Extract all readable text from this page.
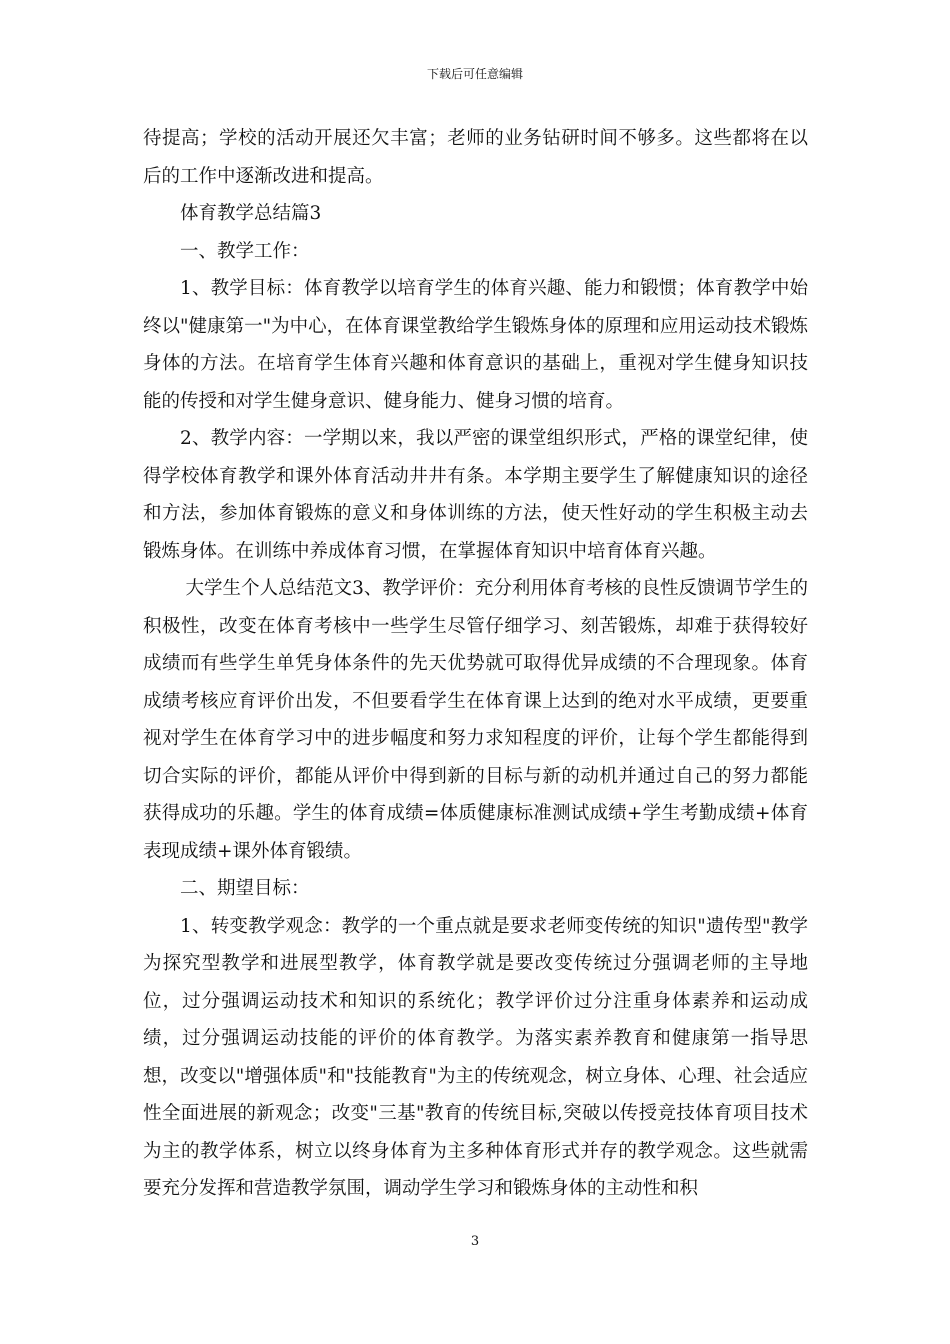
下载后可任意编辑

待提高；学校的活动开展还欠丰富；老师的业务钻研时间不够多。这些都将在以后的工作中逐渐改进和提高。

体育教学总结篇3

一、教学工作：

1、教学目标：体育教学以培育学生的体育兴趣、能力和锻惯；体育教学中始终以"健康第一"为中心，在体育课堂教给学生锻炼身体的原理和应用运动技术锻炼身体的方法。在培育学生体育兴趣和体育意识的基础上，重视对学生健身知识技能的传授和对学生健身意识、健身能力、健身习惯的培育。

2、教学内容：一学期以来，我以严密的课堂组织形式，严格的课堂纪律，使得学校体育教学和课外体育活动井井有条。本学期主要学生了解健康知识的途径和方法，参加体育锻炼的意义和身体训练的方法，使天性好动的学生积极主动去锻炼身体。在训练中养成体育习惯，在掌握体育知识中培育体育兴趣。

大学生个人总结范文3、教学评价：充分利用体育考核的良性反馈调节学生的积极性，改变在体育考核中一些学生尽管仔细学习、刻苦锻炼，却难于获得较好成绩而有些学生单凭身体条件的先天优势就可取得优异成绩的不合理现象。体育成绩考核应育评价出发，不但要看学生在体育课上达到的绝对水平成绩，更要重视对学生在体育学习中的进步幅度和努力求知程度的评价，让每个学生都能得到切合实际的评价，都能从评价中得到新的目标与新的动机并通过自己的努力都能获得成功的乐趣。学生的体育成绩=体质健康标准测试成绩+学生考勤成绩+体育表现成绩+课外体育锻绩。

二、期望目标：

1、转变教学观念：教学的一个重点就是要求老师变传统的知识"遗传型"教学为探究型教学和进展型教学，体育教学就是要改变传统过分强调老师的主导地位，过分强调运动技术和知识的系统化；教学评价过分注重身体素养和运动成绩，过分强调运动技能的评价的体育教学。为落实素养教育和健康第一指导思想，改变以"增强体质"和"技能教育"为主的传统观念，树立身体、心理、社会适应性全面进展的新观念；改变"三基"教育的传统目标,突破以传授竞技体育项目技术为主的教学体系，树立以终身体育为主多种体育形式并存的教学观念。这些就需要充分发挥和营造教学氛围，调动学生学习和锻炼身体的主动性和积

3
